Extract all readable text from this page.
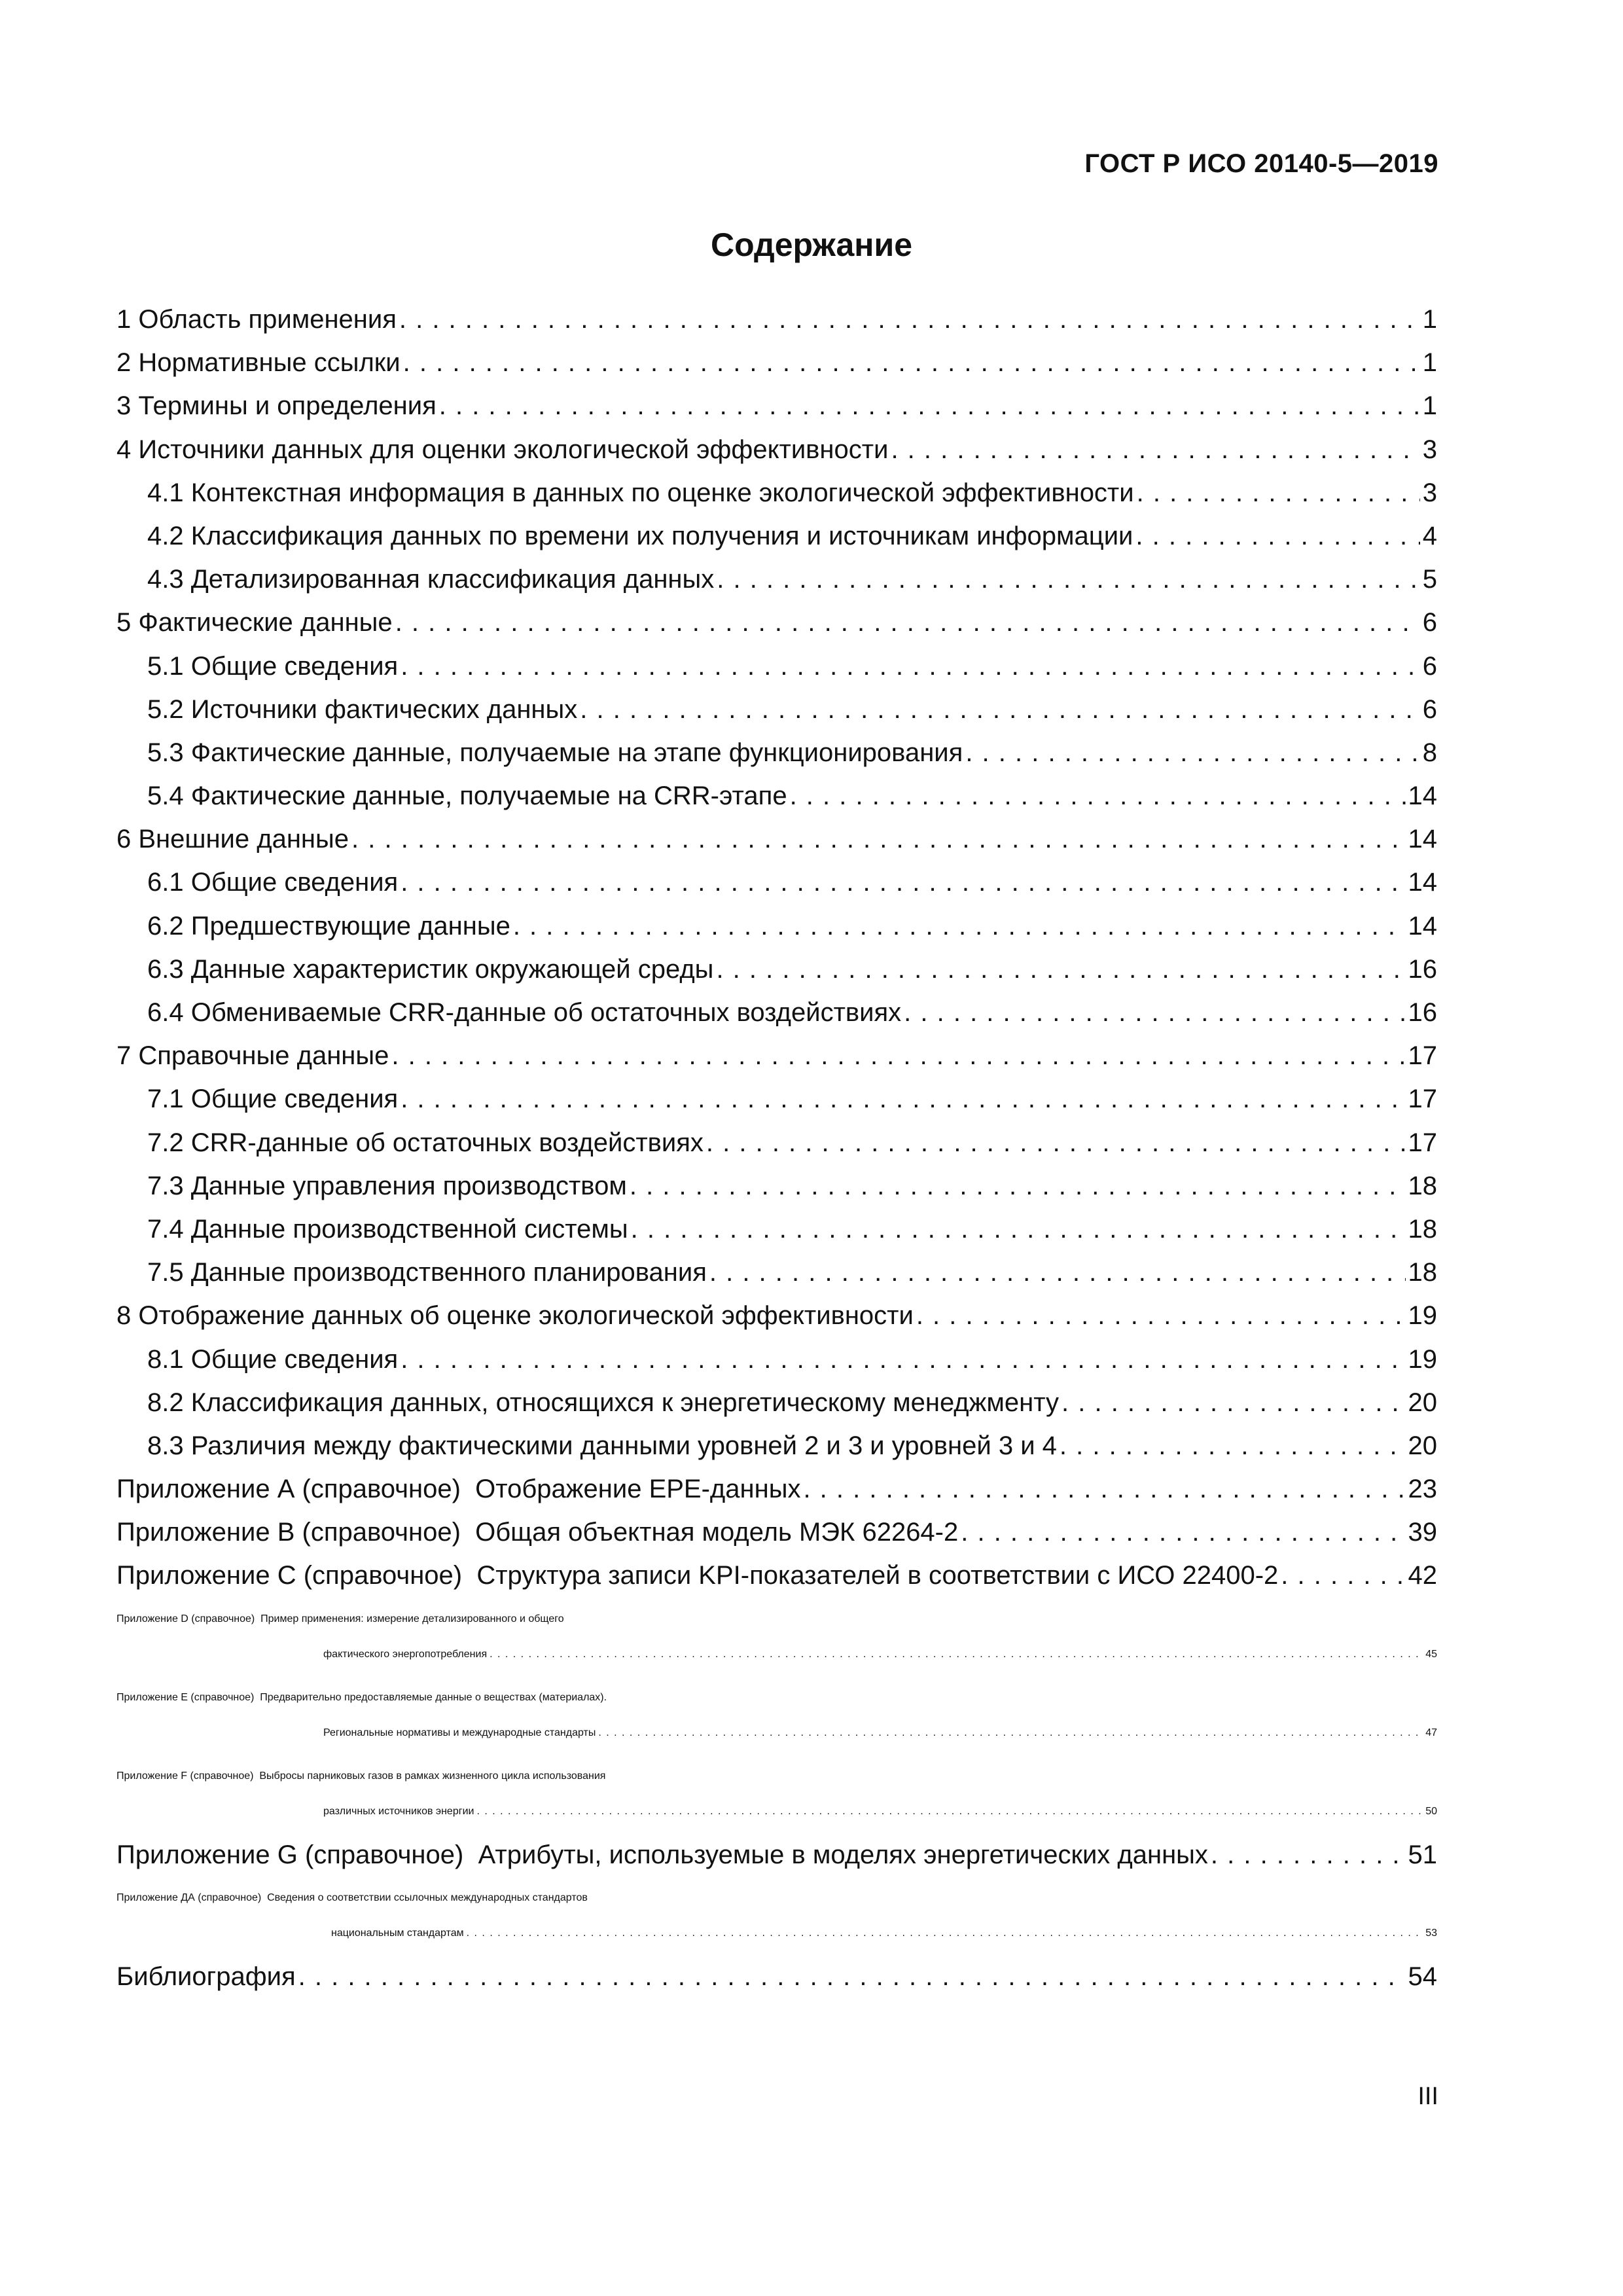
ГОСТ Р ИСО 20140-5—2019
Содержание
1 Область применения . . .	1
2 Нормативные ссылки . . .	1
3 Термины и определения . . .	1
4 Источники данных для оценки экологической эффективности . . .	3
4.1 Контекстная информация в данных по оценке экологической эффективности . . .	3
4.2 Классификация данных по времени их получения и источникам информации . . .	4
4.3 Детализированная классификация данных . . .	5
5 Фактические данные . . .	6
5.1 Общие сведения . . .	6
5.2 Источники фактических данных . . .	6
5.3 Фактические данные, получаемые на этапе функционирования . . .	8
5.4 Фактические данные, получаемые на CRR-этапе . . .	14
6 Внешние данные . . .	14
6.1 Общие сведения . . .	14
6.2 Предшествующие данные . . .	14
6.3 Данные характеристик окружающей среды . . .	16
6.4 Обмениваемые CRR-данные об остаточных воздействиях . . .	16
7 Справочные данные . . .	17
7.1 Общие сведения . . .	17
7.2 CRR-данные об остаточных воздействиях . . .	17
7.3 Данные управления производством . . .	18
7.4 Данные производственной системы . . .	18
7.5 Данные производственного планирования . . .	18
8 Отображение данных об оценке экологической эффективности . . .	19
8.1 Общие сведения . . .	19
8.2 Классификация данных, относящихся к энергетическому менеджменту . . .	20
8.3 Различия между фактическими данными уровней 2 и 3 и уровней 3 и 4 . . .	20
Приложение А (справочное) Отображение EPE-данных . . .	23
Приложение В (справочное) Общая объектная модель МЭК 62264-2 . . .	39
Приложение С (справочное) Структура записи KPI-показателей в соответствии с ИСО 22400-2 . . .	42
Приложение D (справочное) Пример применения: измерение детализированного и общего
фактического энергопотребления . . .	45
Приложение Е (справочное) Предварительно предоставляемые данные о веществах (материалах).
Региональные нормативы и международные стандарты . . .	47
Приложение F (справочное) Выбросы парниковых газов в рамках жизненного цикла использования
различных источников энергии . . .	50
Приложение G (справочное) Атрибуты, используемые в моделях энергетических данных . . .	51
Приложение ДА (справочное) Сведения о соответствии ссылочных международных стандартов
национальным стандартам . . .	53
Библиография . . .	54
III
